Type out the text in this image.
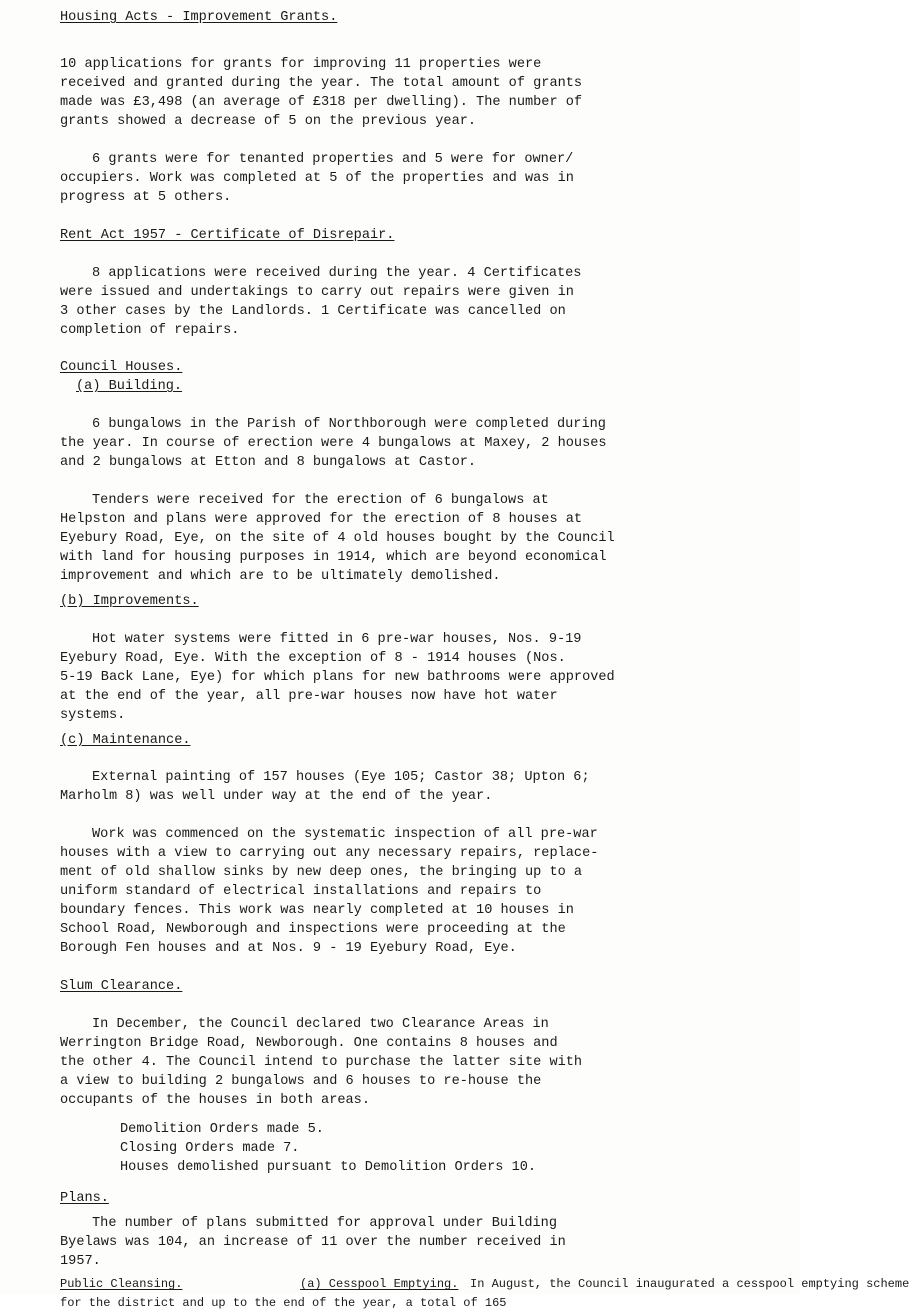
Housing Acts - Improvement Grants.
10 applications for grants for improving 11 properties were
received and granted during the year. The total amount of grants
made was £3,498 (an average of £318 per dwelling). The number of
grants showed a decrease of 5 on the previous year.
6 grants were for tenanted properties and 5 were for owner/
occupiers. Work was completed at 5 of the properties and was in
progress at 5 others.
Rent Act 1957 - Certificate of Disrepair.
8 applications were received during the year. 4 Certificates
were issued and undertakings to carry out repairs were given in
3 other cases by the Landlords. 1 Certificate was cancelled on
completion of repairs.
Council Houses.
(a) Building.
6 bungalows in the Parish of Northborough were completed during
the year. In course of erection were 4 bungalows at Maxey, 2 houses
and 2 bungalows at Etton and 8 bungalows at Castor.
Tenders were received for the erection of 6 bungalows at
Helpston and plans were approved for the erection of 8 houses at
Eyebury Road, Eye, on the site of 4 old houses bought by the Council
with land for housing purposes in 1914, which are beyond economical
improvement and which are to be ultimately demolished.
(b) Improvements.
Hot water systems were fitted in 6 pre-war houses, Nos. 9-19
Eyebury Road, Eye. With the exception of 8 - 1914 houses (Nos.
5-19 Back Lane, Eye) for which plans for new bathrooms were approved
at the end of the year, all pre-war houses now have hot water
systems.
(c) Maintenance.
External painting of 157 houses (Eye 105; Castor 38; Upton 6;
Marholm 8) was well under way at the end of the year.
Work was commenced on the systematic inspection of all pre-war
houses with a view to carrying out any necessary repairs, replace-
ment of old shallow sinks by new deep ones, the bringing up to a
uniform standard of electrical installations and repairs to
boundary fences. This work was nearly completed at 10 houses in
School Road, Newborough and inspections were proceeding at the
Borough Fen houses and at Nos. 9 - 19 Eyebury Road, Eye.
Slum Clearance.
In December, the Council declared two Clearance Areas in
Werrington Bridge Road, Newborough. One contains 8 houses and
the other 4. The Council intend to purchase the latter site with
a view to building 2 bungalows and 6 houses to re-house the
occupants of the houses in both areas.
Demolition Orders made 5.
Closing Orders made 7.
Houses demolished pursuant to Demolition Orders 10.
Plans.
The number of plans submitted for approval under Building
Byelaws was 104, an increase of 11 over the number received in
1957.
Public Cleansing.	(a) Cesspool Emptying. In August, the Council inaugurated a cesspool emptying scheme
for the district and up to the end of the year, a total of 165
